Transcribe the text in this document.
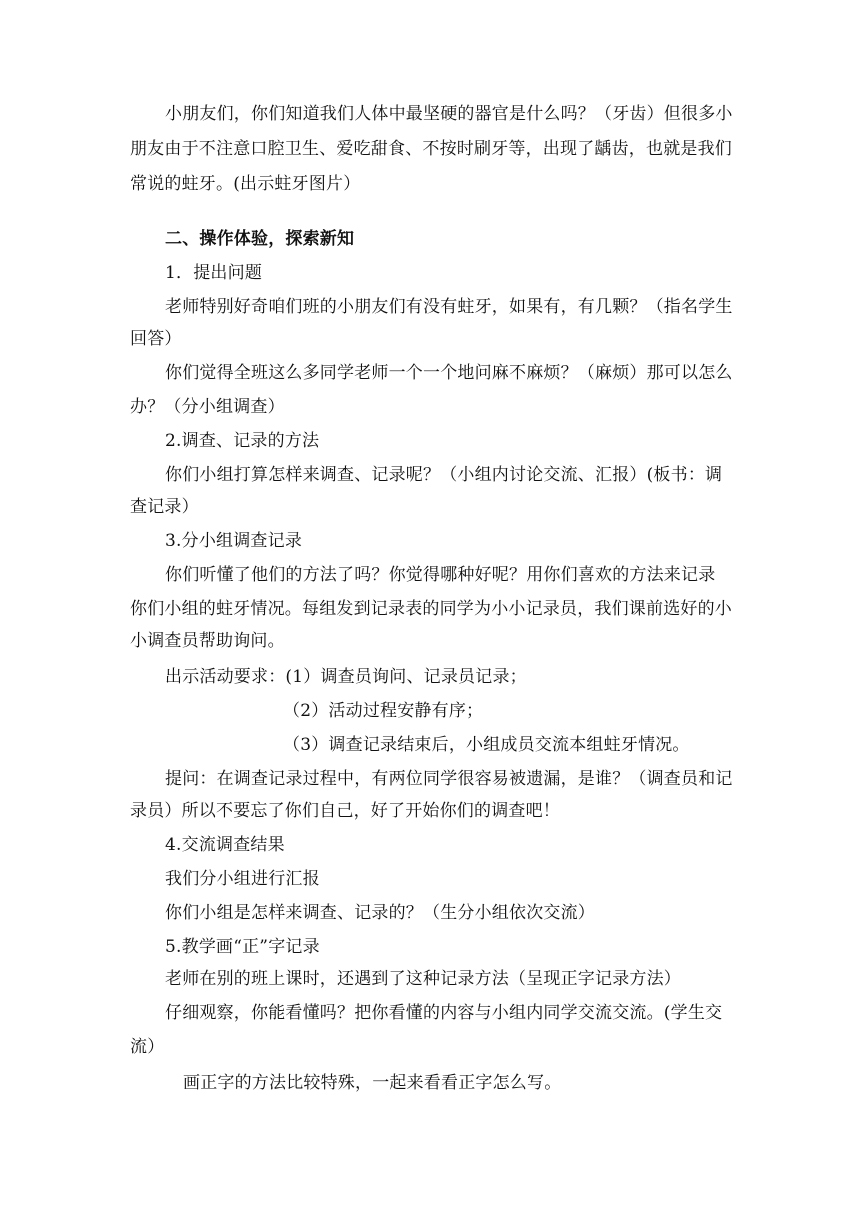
小朋友们，你们知道我们人体中最坚硬的器官是什么吗？（牙齿）但很多小
朋友由于不注意口腔卫生、爱吃甜食、不按时刷牙等，出现了龋齿，也就是我们
常说的蛀牙。(出示蛀牙图片）
二、操作体验，探索新知
1．提出问题
老师特别好奇咱们班的小朋友们有没有蛀牙，如果有，有几颗？（指名学生
回答）
你们觉得全班这么多同学老师一个一个地问麻不麻烦？（麻烦）那可以怎么
办？（分小组调查）
2.调查、记录的方法
你们小组打算怎样来调查、记录呢？（小组内讨论交流、汇报）(板书：调
查记录）
3.分小组调查记录
你们听懂了他们的方法了吗？你觉得哪种好呢？用你们喜欢的方法来记录
你们小组的蛀牙情况。每组发到记录表的同学为小小记录员，我们课前选好的小
小调查员帮助询问。
出示活动要求：(1）调查员询问、记录员记录；
（2）活动过程安静有序；
（3）调查记录结束后，小组成员交流本组蛀牙情况。
提问：在调查记录过程中，有两位同学很容易被遗漏，是谁？（调查员和记
录员）所以不要忘了你们自己，好了开始你们的调查吧！
4.交流调查结果
我们分小组进行汇报
你们小组是怎样来调查、记录的？（生分小组依次交流）
5.教学画“正”字记录
老师在别的班上课时，还遇到了这种记录方法（呈现正字记录方法）
仔细观察，你能看懂吗？把你看懂的内容与小组内同学交流交流。(学生交
流）
画正字的方法比较特殊，一起来看看正字怎么写。
